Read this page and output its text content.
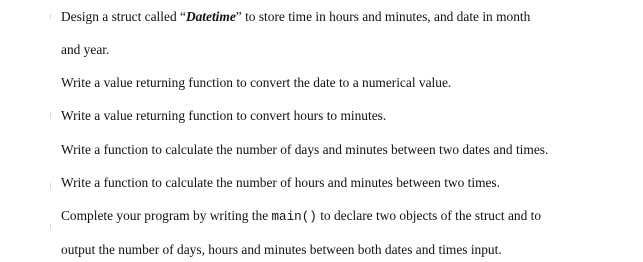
Design a struct called “Datetime” to store time in hours and minutes, and date in month
and year.
Write a value returning function to convert the date to a numerical value.
Write a value returning function to convert hours to minutes.
Write a function to calculate the number of days and minutes between two dates and times.
Write a function to calculate the number of hours and minutes between two times.
Complete your program by writing the main() to declare two objects of the struct and to
output the number of days, hours and minutes between both dates and times input.
